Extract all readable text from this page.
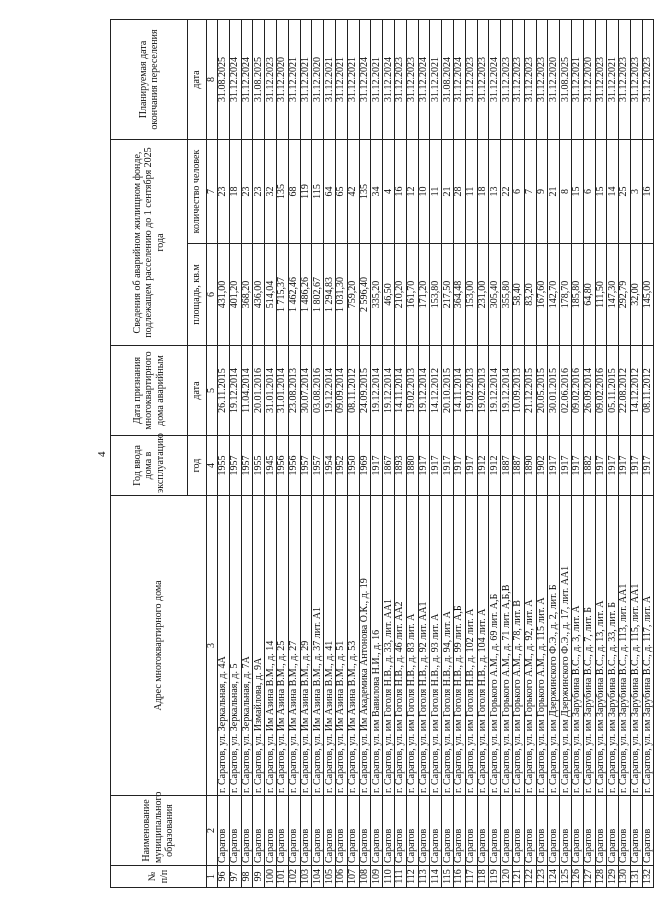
4
№ п/п	Наименование муниципального образования	Адрес многоквартирного дома	Год ввода дома в эксплуатацию	Дата признания многоквартирного дома аварийным	Сведения об аварийном жилищном фонде, подлежащем расселению до 1 сентября 2025 года		Планируемая дата окончания переселения
			год	дата	площадь, кв.м	количество человек	дата
1	2	3	4	5	6	7	8
96	Саратов	г. Саратов, ул. Зеркальная, д. 4А	1955	26.11.2015	431,00	23	31.08.2025
97	Саратов	г. Саратов, ул. Зеркальная, д. 5	1957	19.12.2014	401,20	18	31.12.2024
98	Саратов	г. Саратов, ул. Зеркальная, д. 7А	1957	11.04.2014	368,20	23	31.12.2024
99	Саратов	г. Саратов, ул. Измайлова, д. 9А	1955	20.01.2016	436,00	23	31.08.2025
100	Саратов	г. Саратов, ул. Им Азина В.М., д. 14	1945	31.01.2014	514,04	32	31.12.2023
101	Саратов	г. Саратов, ул. Им Азина В.М., д. 25	1956	31.01.2014	1 715,37	135	31.12.2020
102	Саратов	г. Саратов, ул. Им Азина В.М., д. 27	1956	23.08.2013	1 462,46	68	31.12.2021
103	Саратов	г. Саратов, ул. Им Азина В.М., д. 29	1957	30.07.2014	1 486,26	119	31.12.2021
104	Саратов	г. Саратов, ул. Им Азина В.М., д. 37 лит. А1	1957	03.08.2016	1 802,67	115	31.12.2020
105	Саратов	г. Саратов, ул. Им Азина В.М., д. 41	1954	19.12.2014	1 294,83	64	31.12.2021
106	Саратов	г. Саратов, ул. Им Азина В.М., д. 51	1952	09.09.2014	1 031,30	65	31.12.2021
107	Саратов	г. Саратов, ул. Им Азина В.М., д. 53	1950	08.11.2012	759,20	42	31.12.2021
108	Саратов	г. Саратов, ул. Им Академика Антонова О.К., д. 19	1969	24.09.2015	2 596,40	135	31.12.2024
109	Саратов	г. Саратов, ул. им Вавилова Н.И., д. 16	1917	19.12.2014	335,20	34	31.12.2021
110	Саратов	г. Саратов, ул. им Гоголя Н.В., д. 33, лит. АА1	1867	19.12.2014	46,50	4	31.12.2024
111	Саратов	г. Саратов, ул. им Гоголя Н.В., д. 46 лит. АА2	1893	14.11.2014	210,20	16	31.12.2023
112	Саратов	г. Саратов, ул. им Гоголя Н.В., д. 83 лит. А	1880	19.02.2013	161,70	12	31.12.2023
113	Саратов	г. Саратов, ул. им Гоголя Н.В., д. 92 лит. АА1	1917	19.12.2014	171,20	10	31.12.2024
114	Саратов	г. Саратов, ул. им Гоголя Н.В., д. 93 лит. А	1917	14.12.2012	153,80	11	31.12.2021
115	Саратов	г. Саратов, ул. им Гоголя Н.В., д. 94, лит. А	1917	20.10.2015	217,50	21	31.08.2024
116	Саратов	г. Саратов, ул. им Гоголя Н.В., д. 99 лит. А,Б	1917	14.11.2014	364,48	28	31.12.2024
117	Саратов	г. Саратов, ул. им Гоголя Н.В., д. 102 лит. А	1917	19.02.2013	153,00	11	31.12.2023
118	Саратов	г. Саратов, ул. им Гоголя Н.В., д. 104 лит. А	1912	19.02.2013	231,00	18	31.12.2023
119	Саратов	г. Саратов, ул. им Горького А.М., д. 69 лит. А,Б	1912	19.12.2014	305,40	13	31.12.2024
120	Саратов	г. Саратов, ул. им Горького А.М., д. 71 лит. А,Б,В	1887	19.12.2014	355,80	22	31.12.2023
121	Саратов	г. Саратов, ул. им Горького А.М., д. 78, лит. В	1887	10.09.2013	58,40	6	31.12.2023
122	Саратов	г. Саратов, ул. им Горького А.М., д. 92, лит. А	1890	21.12.2015	83,20	7	31.12.2023
123	Саратов	г. Саратов, ул. им Горького А.М., д. 115 лит. А	1902	20.05.2015	167,60	9	31.12.2023
124	Саратов	г. Саратов, ул. им Дзержинского Ф.Э., д. 2, лит. Б	1917	30.01.2015	142,70	21	31.12.2020
125	Саратов	г. Саратов, ул. им Дзержинского Ф.Э., д. 17, лит. АА1	1917	02.06.2016	178,70	8	31.08.2025
126	Саратов	г. Саратов, ул. им Зарубина В.С., д. 3, лит. А	1917	09.02.2016	185,80	15	31.12.2021
127	Саратов	г. Саратов, ул. им Зарубина В.С., д. 7, лит. Б	1882	26.09.2014	64,80	6	31.12.2020
128	Саратов	г. Саратов, ул. им Зарубина В.С., д. 13, лит. А	1917	09.02.2016	111,50	15	31.12.2023
129	Саратов	г. Саратов, ул. им Зарубина В.С., д. 33, лит. Б	1917	05.11.2015	147,30	14	31.12.2021
130	Саратов	г. Саратов, ул. им Зарубина В.С., д. 113, лит. АА1	1917	22.08.2012	292,79	25	31.12.2023
131	Саратов	г. Саратов, ул. им Зарубина В.С., д. 115, лит. АА1	1917	14.12.2012	32,00	3	31.12.2023
132	Саратов	г. Саратов, ул. им Зарубина В.С., д. 117, лит. А	1917	08.11.2012	145,00	16	31.12.2023
